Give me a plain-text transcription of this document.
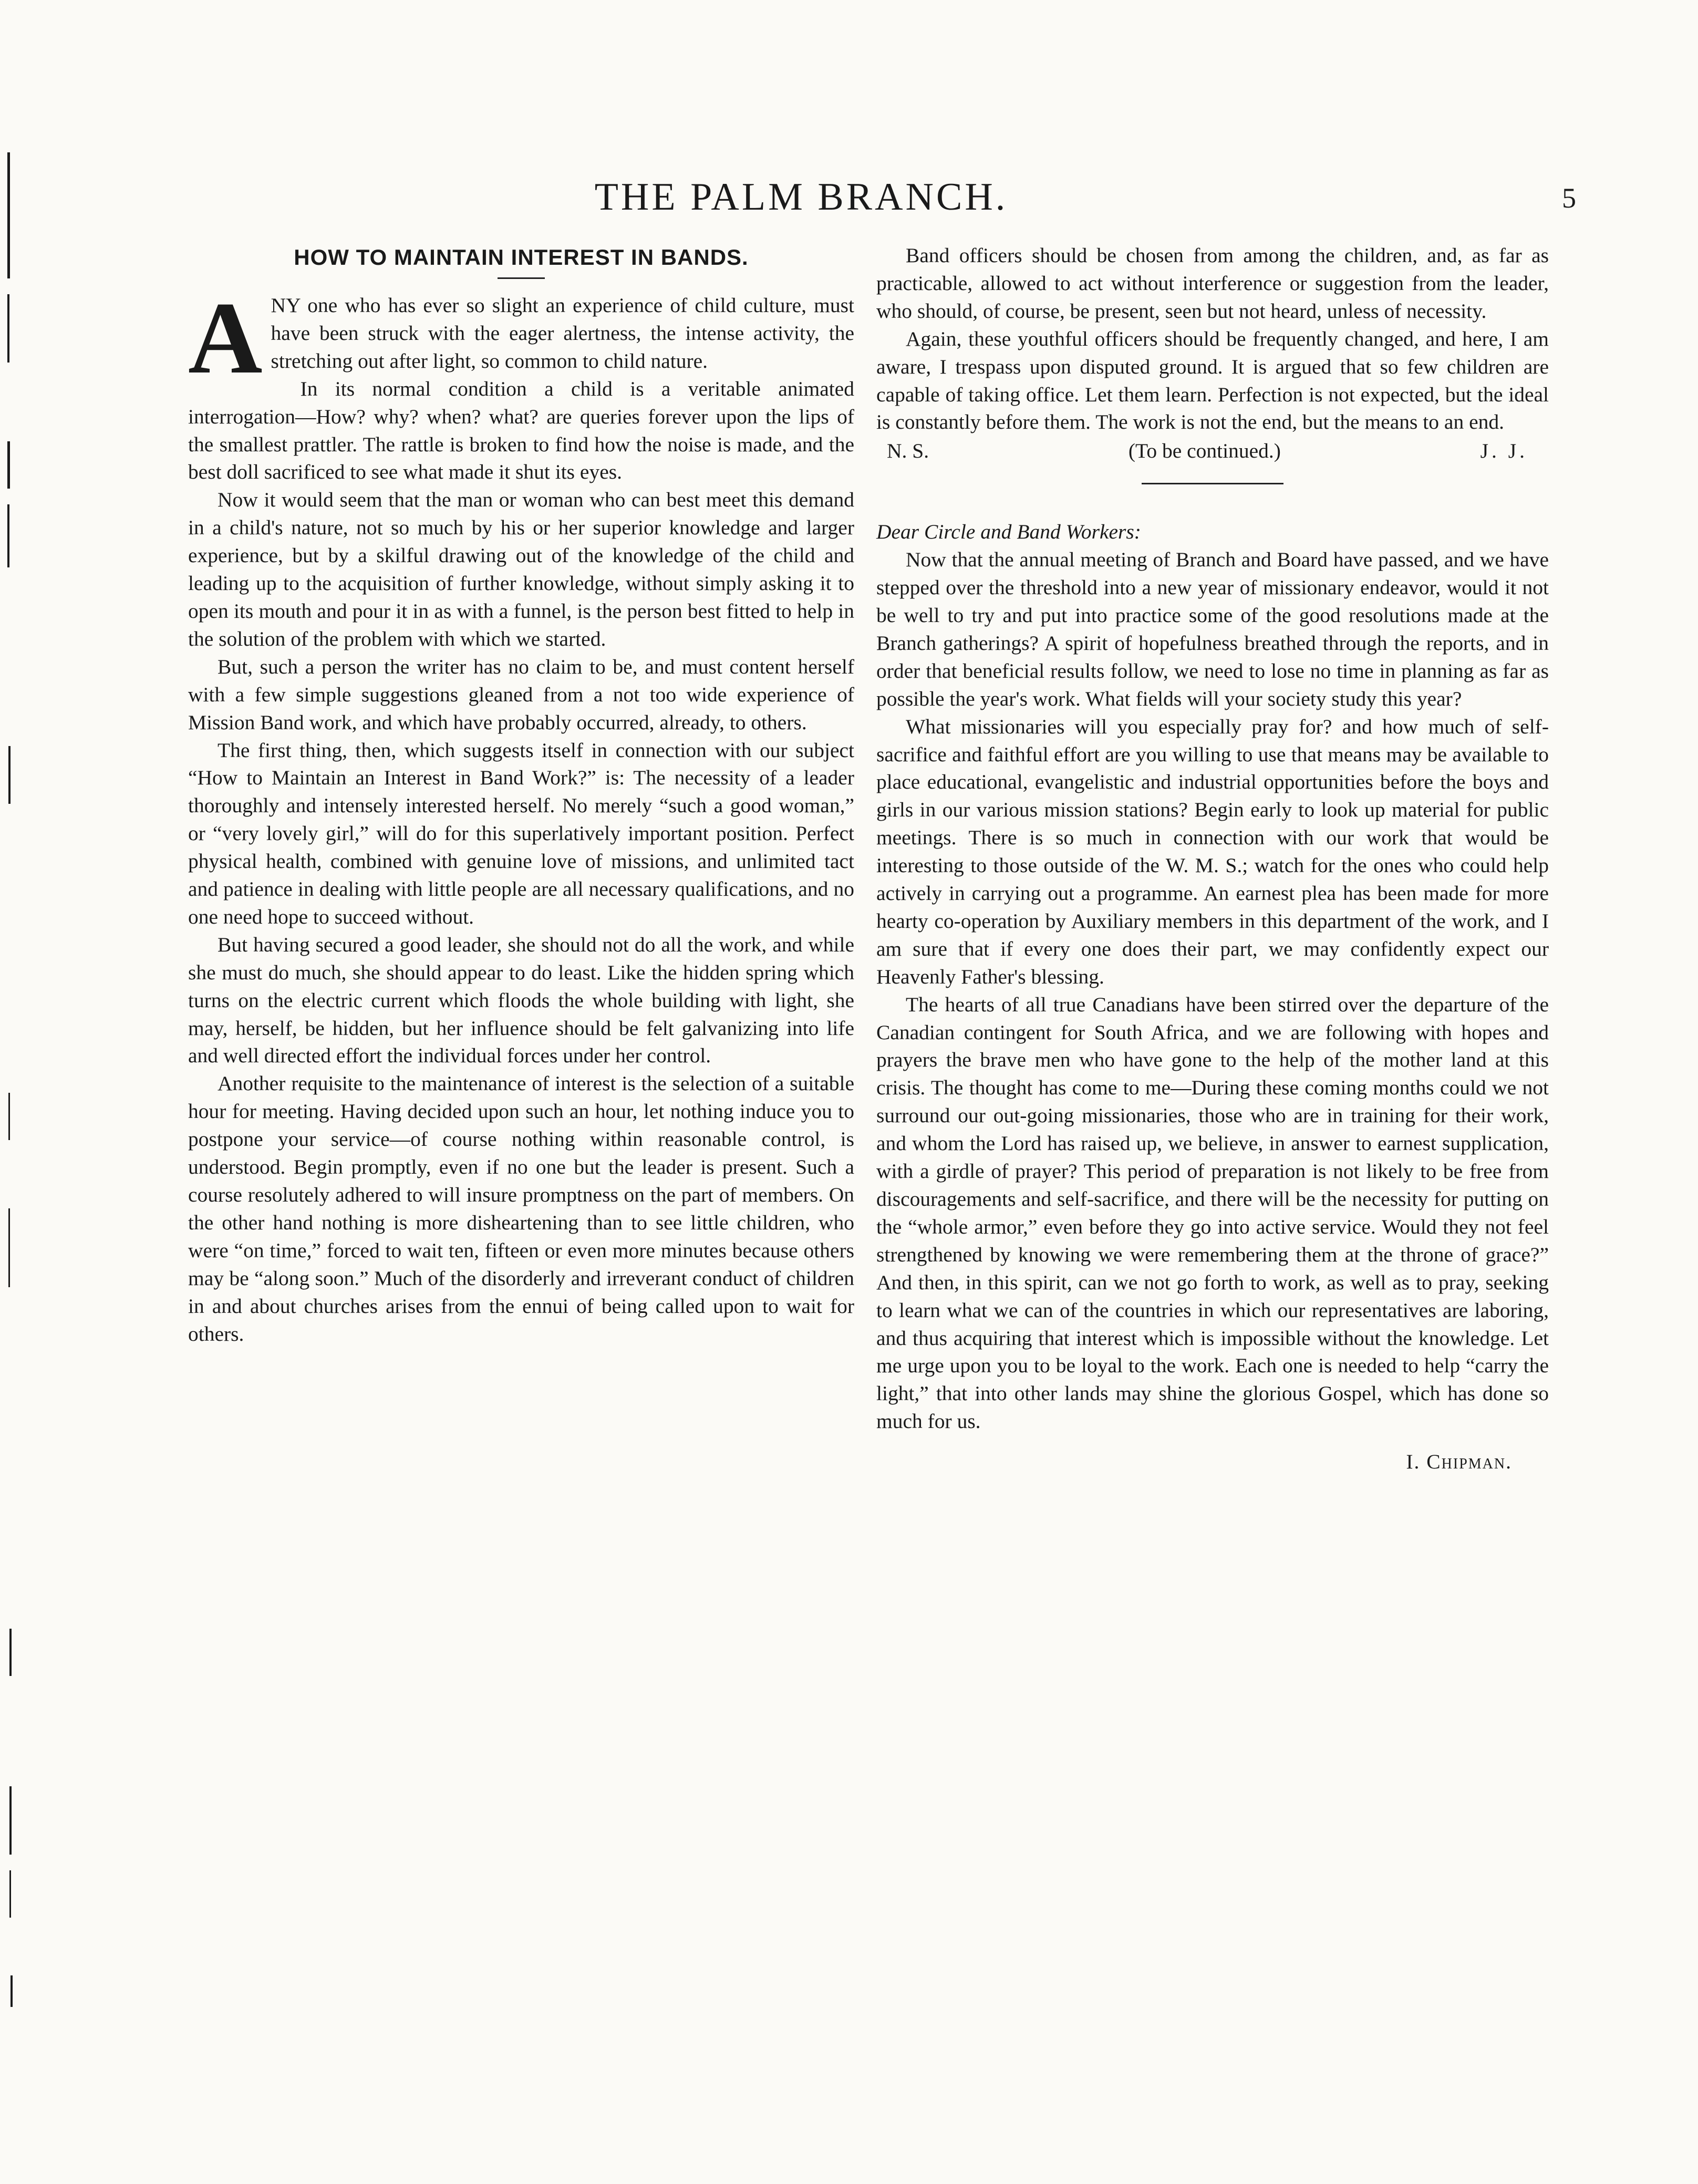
THE PALM BRANCH.	5
HOW TO MAINTAIN INTEREST IN BANDS.

ANY one who has ever so slight an experience of child culture, must have been struck with the eager alertness, the intense activity, the stretching out after light, so common to child nature.

In its normal condition a child is a veritable animated interrogation—How? why? when? what? are queries forever upon the lips of the smallest prattler. The rattle is broken to find how the noise is made, and the best doll sacrificed to see what made it shut its eyes.

Now it would seem that the man or woman who can best meet this demand in a child's nature, not so much by his or her superior knowledge and larger experience, but by a skilful drawing out of the knowledge of the child and leading up to the acquisition of further knowledge, without simply asking it to open its mouth and pour it in as with a funnel, is the person best fitted to help in the solution of the problem with which we started.

But, such a person the writer has no claim to be, and must content herself with a few simple suggestions gleaned from a not too wide experience of Mission Band work, and which have probably occurred, already, to others.

The first thing, then, which suggests itself in connection with our subject “How to Maintain an Interest in Band Work?” is: The necessity of a leader thoroughly and intensely interested herself. No merely “such a good woman,” or “very lovely girl,” will do for this superlatively important position. Perfect physical health, combined with genuine love of missions, and unlimited tact and patience in dealing with little people are all necessary qualifications, and no one need hope to succeed without.

But having secured a good leader, she should not do all the work, and while she must do much, she should appear to do least. Like the hidden spring which turns on the electric current which floods the whole building with light, she may, herself, be hidden, but her influence should be felt galvanizing into life and well directed effort the individual forces under her control.

Another requisite to the maintenance of interest is the selection of a suitable hour for meeting. Having decided upon such an hour, let nothing induce you to postpone your service—of course nothing within reasonable control, is understood. Begin promptly, even if no one but the leader is present. Such a course resolutely adhered to will insure promptness on the part of members. On the other hand nothing is more disheartening than to see little children, who were “on time,” forced to wait ten, fifteen or even more minutes because others may be “along soon.” Much of the disorderly and irreverant conduct of children in and about churches arises from the ennui of being called upon to wait for others.

Band officers should be chosen from among the children, and, as far as practicable, allowed to act without interference or suggestion from the leader, who should, of course, be present, seen but not heard, unless of necessity.

Again, these youthful officers should be frequently changed, and here, I am aware, I trespass upon disputed ground. It is argued that so few children are capable of taking office. Let them learn. Perfection is not expected, but the ideal is constantly before them. The work is not the end, but the means to an end.

N. S.	(To be continued.)	J. J.

Dear Circle and Band Workers:

Now that the annual meeting of Branch and Board have passed, and we have stepped over the threshold into a new year of missionary endeavor, would it not be well to try and put into practice some of the good resolutions made at the Branch gatherings? A spirit of hopefulness breathed through the reports, and in order that beneficial results follow, we need to lose no time in planning as far as possible the year's work. What fields will your society study this year?

What missionaries will you especially pray for? and how much of self-sacrifice and faithful effort are you willing to use that means may be available to place educational, evangelistic and industrial opportunities before the boys and girls in our various mission stations? Begin early to look up material for public meetings. There is so much in connection with our work that would be interesting to those outside of the W. M. S.; watch for the ones who could help actively in carrying out a programme. An earnest plea has been made for more hearty co-operation by Auxiliary members in this department of the work, and I am sure that if every one does their part, we may confidently expect our Heavenly Father's blessing.

The hearts of all true Canadians have been stirred over the departure of the Canadian contingent for South Africa, and we are following with hopes and prayers the brave men who have gone to the help of the mother land at this crisis. The thought has come to me—During these coming months could we not surround our out-going missionaries, those who are in training for their work, and whom the Lord has raised up, we believe, in answer to earnest supplication, with a girdle of prayer? This period of preparation is not likely to be free from discouragements and self-sacrifice, and there will be the necessity for putting on the “whole armor,” even before they go into active service. Would they not feel strengthened by knowing we were remembering them at the throne of grace?” And then, in this spirit, can we not go forth to work, as well as to pray, seeking to learn what we can of the countries in which our representatives are laboring, and thus acquiring that interest which is impossible without the knowledge. Let me urge upon you to be loyal to the work. Each one is needed to help “carry the light,” that into other lands may shine the glorious Gospel, which has done so much for us.

I. Chipman.
